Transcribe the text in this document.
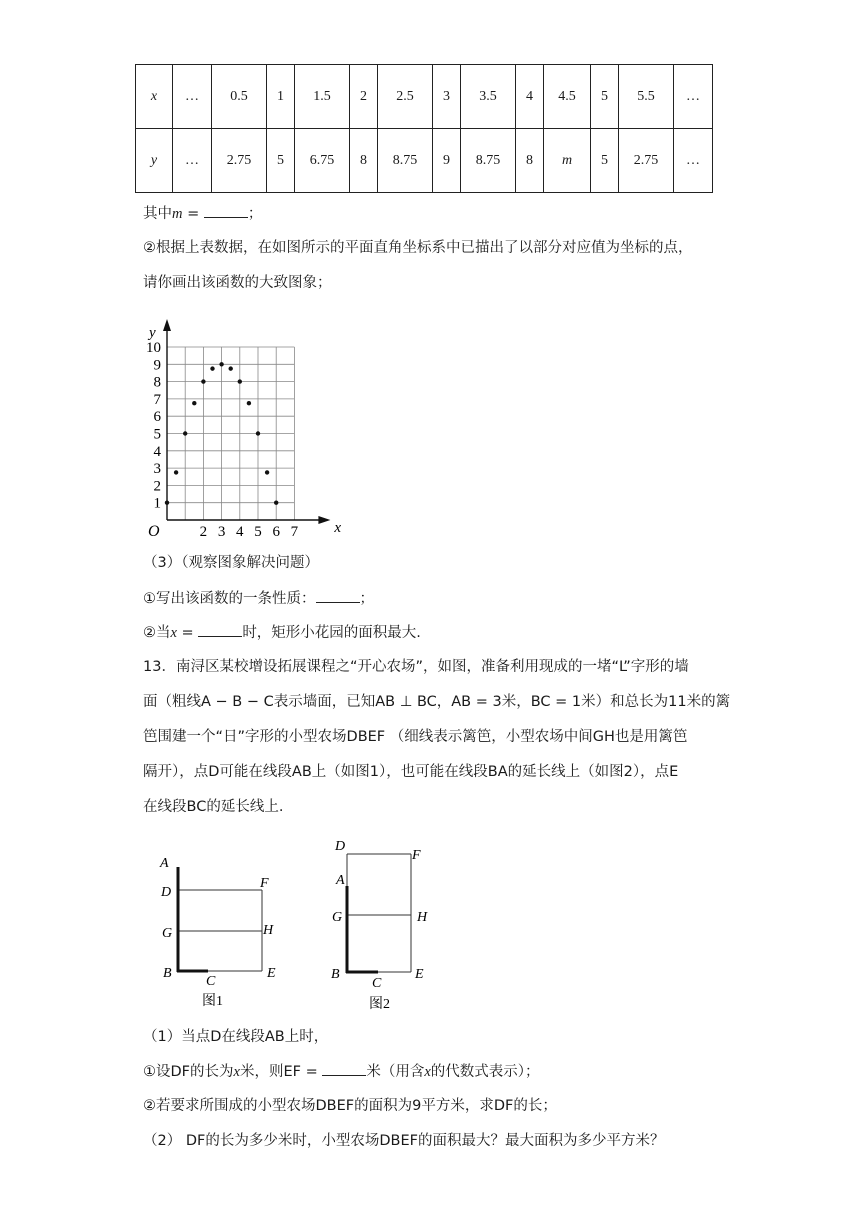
x	…	0.5	1	1.5	2	2.5	3	3.5	4	4.5	5	5.5	…
y	…	2.75	5	6.75	8	8.75	9	8.75	8	m	5	2.75	…
其中m =	；
②根据上表数据，在如图所示的平面直角坐标系中已描出了以部分对应值为坐标的点，
请你画出该函数的大致图象；
x
y
O	2 3 4 5 6 7
1
2
3
4
5
6
7
8
9
10
（3）（观察图象解决问题）
①写出该函数的一条性质：	；
②当x =	时，矩形小花园的面积最大.
13．南浔区某校增设拓展课程之“开心农场”，如图，准备利用现成的一堵“L”字形的墙
面（粗线A − B − C表示墙面，已知AB ⊥ BC，AB = 3米，BC = 1米）和总长为11米的篱
笆围建一个“日”字形的小型农场DBEF （细线表示篱笆，小型农场中间GH也是用篱笆
隔开），点D可能在线段AB上（如图1），也可能在线段BA的延长线上（如图2），点E
在线段BC的延长线上.
A
D
F
G	H
B
C
E
图1
D
F
A
G	H
B
C
E
图2
（1）当点D在线段AB上时，
①设DF的长为x米，则EF =	米（用含x的代数式表示）；
②若要求所围成的小型农场DBEF的面积为9平方米，求DF的长；
（2） DF的长为多少米时，小型农场DBEF的面积最大？最大面积为多少平方米？
